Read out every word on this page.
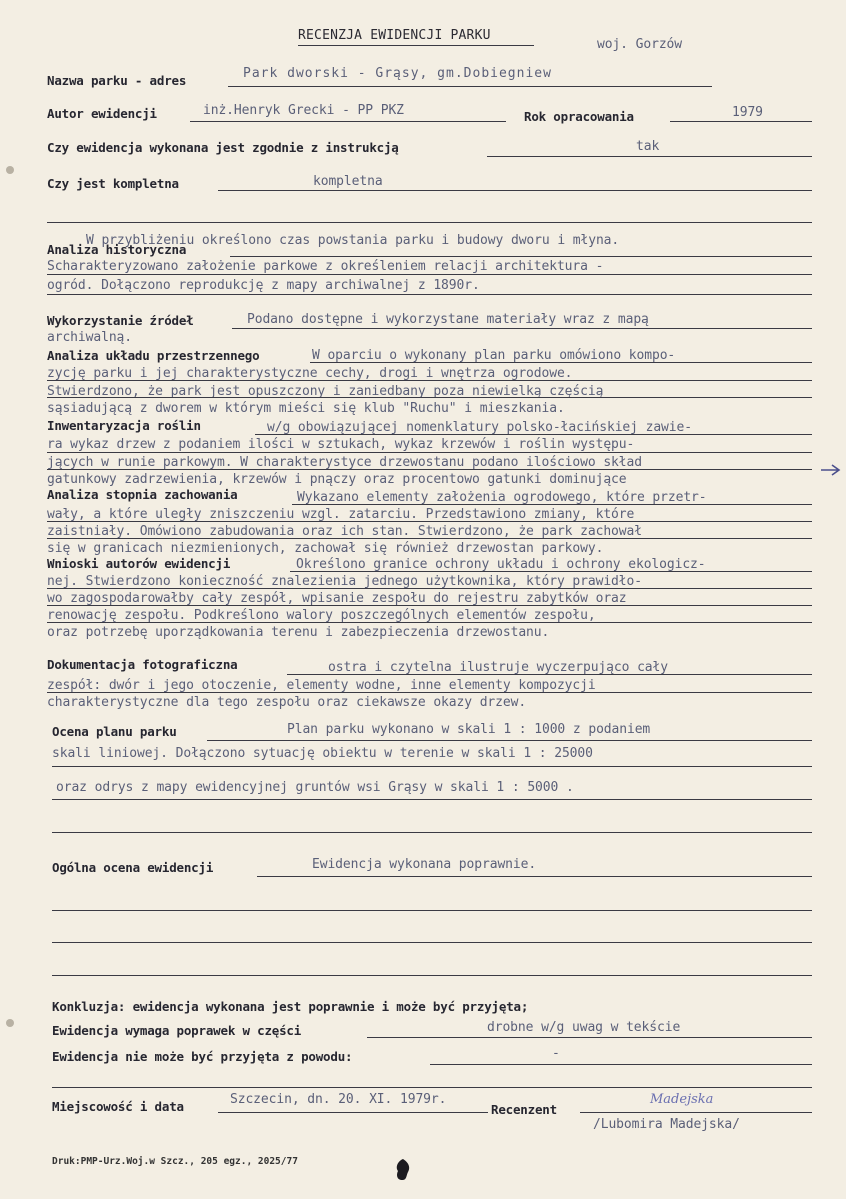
RECENZJA EWIDENCJI PARKU
woj. Gorzów
Nazwa parku - adres	Park dworski - Grąsy, gm.Dobiegniew
Autor ewidencji	inż.Henryk Grecki - PP PKZ	Rok opracowania	1979
Czy ewidencja wykonana jest zgodnie z instrukcją	tak
Czy jest kompletna	kompletna
Analiza historyczna
W przybliżeniu określono czas powstania parku i budowy dworu i młyna.
Scharakteryzowano założenie parkowe z określeniem relacji architektura -
ogród. Dołączono reprodukcję z mapy archiwalnej z 1890r.
Wykorzystanie źródeł	Podano dostępne i wykorzystane materiały wraz z mapą
archiwalną.
Analiza układu przestrzennego	W oparciu o wykonany plan parku omówiono kompo-
zycję parku i jej charakterystyczne cechy, drogi i wnętrza ogrodowe.
Stwierdzono, że park jest opuszczony i zaniedbany poza niewielką częścią
sąsiadującą z dworem w którym mieści się klub "Ruchu" i mieszkania.
Inwentaryzacja roślin	w/g obowiązującej nomenklatury polsko-łacińskiej zawie-
ra wykaz drzew z podaniem ilości w sztukach, wykaz krzewów i roślin występu-
jących w runie parkowym. W charakterystyce drzewostanu podano ilościowo skład
gatunkowy zadrzewienia, krzewów i pnączy oraz procentowo gatunki dominujące
Analiza stopnia zachowania	Wykazano elementy założenia ogrodowego, które przetr-
wały, a które uległy zniszczeniu wzgl. zatarciu. Przedstawiono zmiany, które
zaistniały. Omówiono zabudowania oraz ich stan. Stwierdzono, że park zachował
się w granicach niezmienionych, zachował się również drzewostan parkowy.
Wnioski autorów ewidencji	Określono granice ochrony układu i ochrony ekologicz-
nej. Stwierdzono konieczność znalezienia jednego użytkownika, który prawidło-
wo zagospodarowałby cały zespół, wpisanie zespołu do rejestru zabytków oraz
renowację zespołu. Podkreślono walory poszczególnych elementów zespołu,
oraz potrzebę uporządkowania terenu i zabezpieczenia drzewostanu.
Dokumentacja fotograficzna	ostra i czytelna ilustruje wyczerpująco cały
zespół: dwór i jego otoczenie, elementy wodne, inne elementy kompozycji
charakterystyczne dla tego zespołu oraz ciekawsze okazy drzew.
Ocena planu parku	Plan parku wykonano w skali 1 : 1000 z podaniem
skali liniowej. Dołączono sytuację obiektu w terenie w skali 1 : 25000
oraz odrys z mapy ewidencyjnej gruntów wsi Grąsy w skali 1 : 5000 .
Ogólna ocena ewidencji	Ewidencja wykonana poprawnie.
Konkluzja: ewidencja wykonana jest poprawnie i może być przyjęta;
Ewidencja wymaga poprawek w części	drobne w/g uwag w tekście
Ewidencja nie może być przyjęta z powodu:	-
Miejscowość i data	Szczecin, dn. 20. XI. 1979r.
Recenzent
Madejska
/Lubomira Madejska/
Druk:PMP-Urz.Woj.w Szcz., 205 egz., 2025/77
